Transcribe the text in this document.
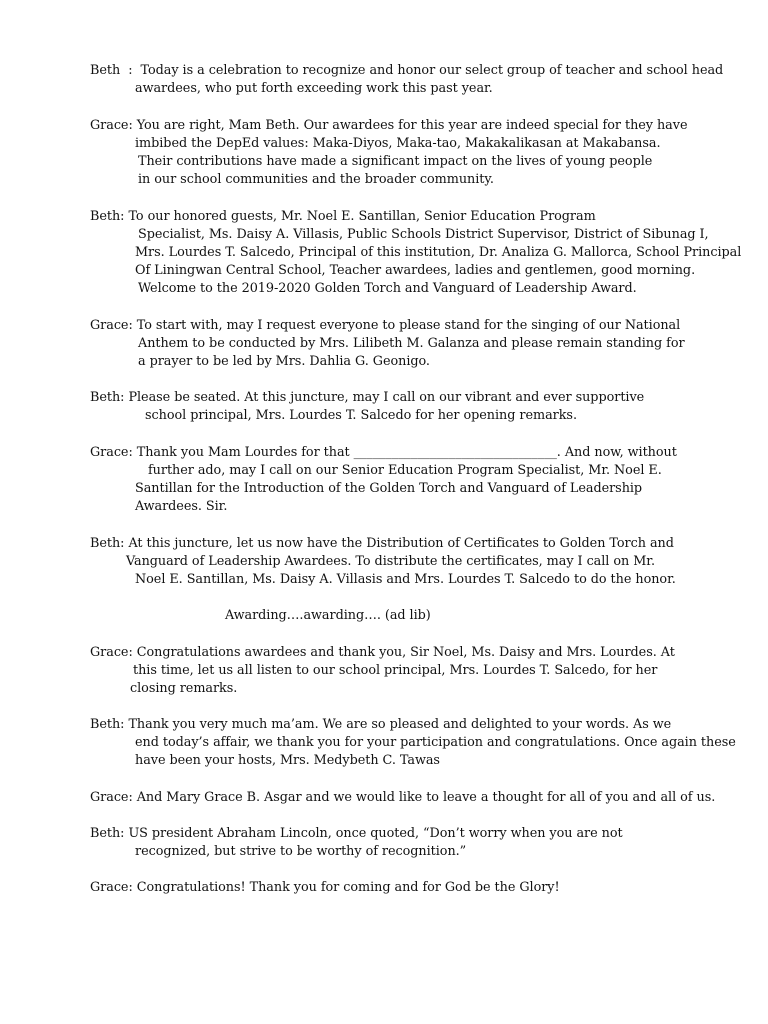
Beth  :  Today is a celebration to recognize and honor our select group of teacher and school head
awardees, who put forth exceeding work this past year.
Grace: You are right, Mam Beth. Our awardees for this year are indeed special for they have
imbibed the DepEd values: Maka-Diyos, Maka-tao, Makakalikasan at Makabansa.
Their contributions have made a significant impact on the lives of young people
in our school communities and the broader community.
Beth: To our honored guests, Mr. Noel E. Santillan, Senior Education Program
Specialist, Ms. Daisy A. Villasis, Public Schools District Supervisor, District of Sibunag I,
Mrs. Lourdes T. Salcedo, Principal of this institution, Dr. Analiza G. Mallorca, School Principal
Of Liningwan Central School, Teacher awardees, ladies and gentlemen, good morning.
Welcome to the 2019-2020 Golden Torch and Vanguard of Leadership Award.
Grace: To start with, may I request everyone to please stand for the singing of our National
Anthem to be conducted by Mrs. Lilibeth M. Galanza and please remain standing for
a prayer to be led by Mrs. Dahlia G. Geonigo.
Beth: Please be seated. At this juncture, may I call on our vibrant and ever supportive
school principal, Mrs. Lourdes T. Salcedo for her opening remarks.
Grace: Thank you Mam Lourdes for that ________________________________. And now, without
further ado, may I call on our Senior Education Program Specialist, Mr. Noel E.
Santillan for the Introduction of the Golden Torch and Vanguard of Leadership
Awardees. Sir.
Beth: At this juncture, let us now have the Distribution of Certificates to Golden Torch and
Vanguard of Leadership Awardees. To distribute the certificates, may I call on Mr.
Noel E. Santillan, Ms. Daisy A. Villasis and Mrs. Lourdes T. Salcedo to do the honor.
Awarding….awarding…. (ad lib)
Grace: Congratulations awardees and thank you, Sir Noel, Ms. Daisy and Mrs. Lourdes. At
this time, let us all listen to our school principal, Mrs. Lourdes T. Salcedo, for her
closing remarks.
Beth: Thank you very much ma’am. We are so pleased and delighted to your words. As we
end today’s affair, we thank you for your participation and congratulations. Once again these
have been your hosts, Mrs. Medybeth C. Tawas
Grace: And Mary Grace B. Asgar and we would like to leave a thought for all of you and all of us.
Beth: US president Abraham Lincoln, once quoted, “Don’t worry when you are not
recognized, but strive to be worthy of recognition.”
Grace: Congratulations! Thank you for coming and for God be the Glory!
